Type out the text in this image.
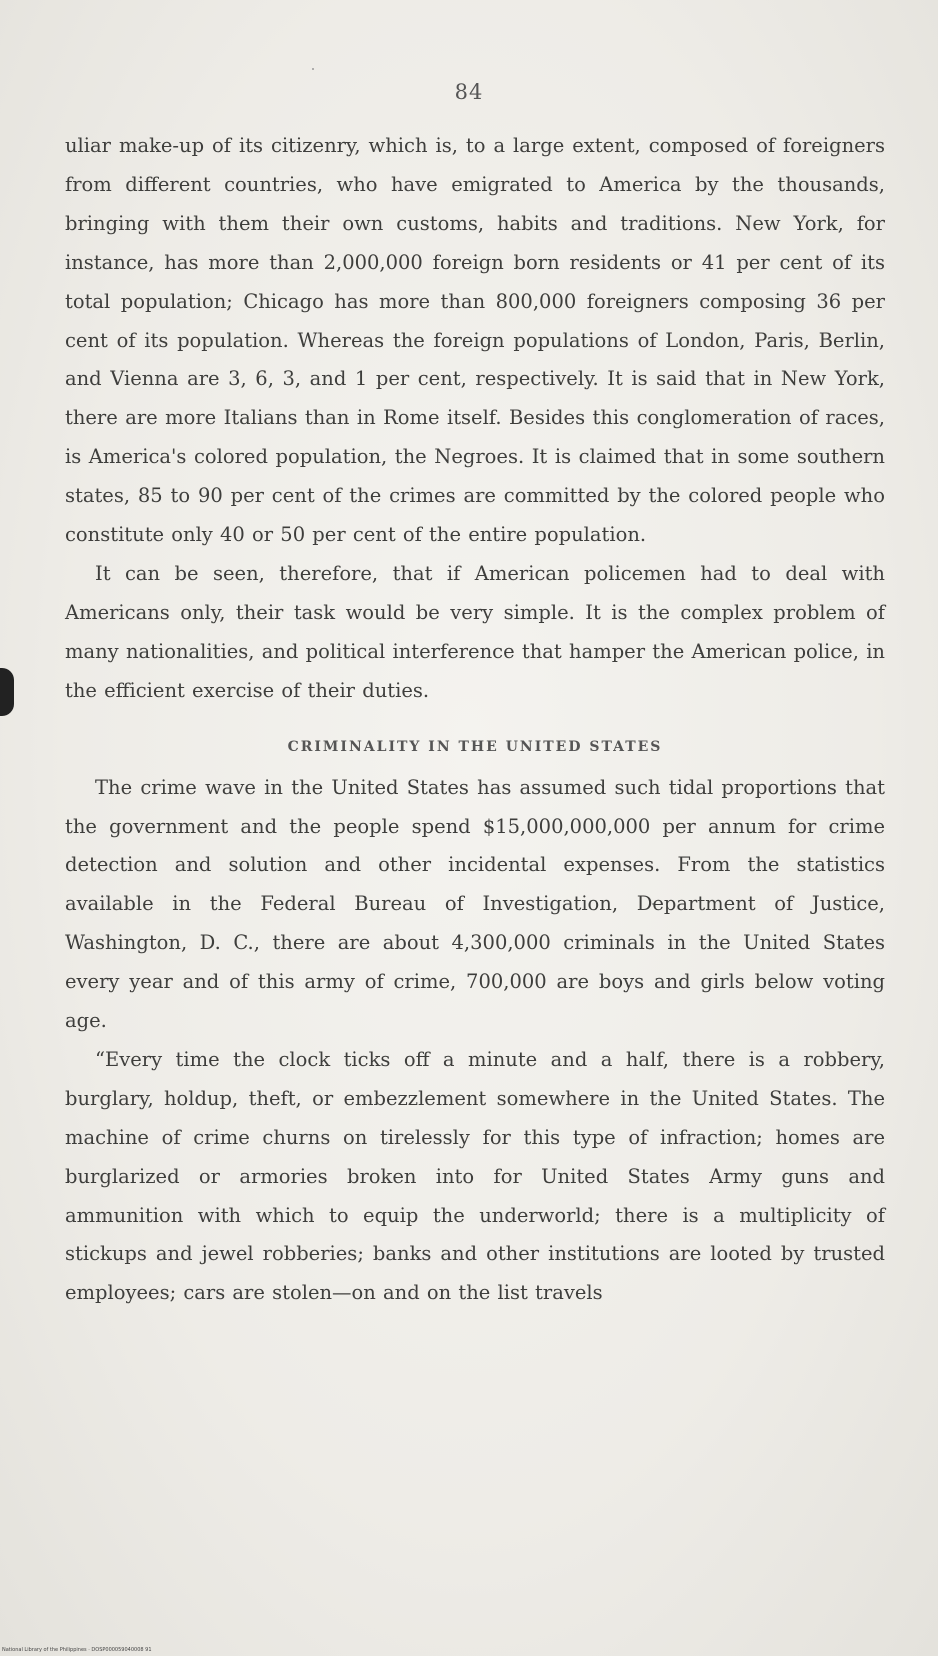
84

uliar make-up of its citizenry, which is, to a large extent, composed of foreigners from different countries, who have emigrated to America by the thousands, bringing with them their own customs, habits and traditions. New York, for instance, has more than 2,000,000 foreign born residents or 41 per cent of its total population; Chicago has more than 800,000 foreigners composing 36 per cent of its population. Whereas the foreign populations of London, Paris, Berlin, and Vienna are 3, 6, 3, and 1 per cent, respectively. It is said that in New York, there are more Italians than in Rome itself. Besides this conglomeration of races, is America's colored population, the Negroes. It is claimed that in some southern states, 85 to 90 per cent of the crimes are committed by the colored people who constitute only 40 or 50 per cent of the entire population.

It can be seen, therefore, that if American policemen had to deal with Americans only, their task would be very simple. It is the complex problem of many nationalities, and political interference that hamper the American police, in the efficient exercise of their duties.

CRIMINALITY IN THE UNITED STATES

The crime wave in the United States has assumed such tidal proportions that the government and the people spend $15,000,000,000 per annum for crime detection and solution and other incidental expenses. From the statistics available in the Federal Bureau of Investigation, Department of Justice, Washington, D. C., there are about 4,300,000 criminals in the United States every year and of this army of crime, 700,000 are boys and girls below voting age.

“Every time the clock ticks off a minute and a half, there is a robbery, burglary, holdup, theft, or embezzlement somewhere in the United States. The machine of crime churns on tirelessly for this type of infraction; homes are burglarized or armories broken into for United States Army guns and ammunition with which to equip the underworld; there is a multiplicity of stickups and jewel robberies; banks and other institutions are looted by trusted employees; cars are stolen—on and on the list travels

National Library of the Philippines · DOSP000059040008 91
